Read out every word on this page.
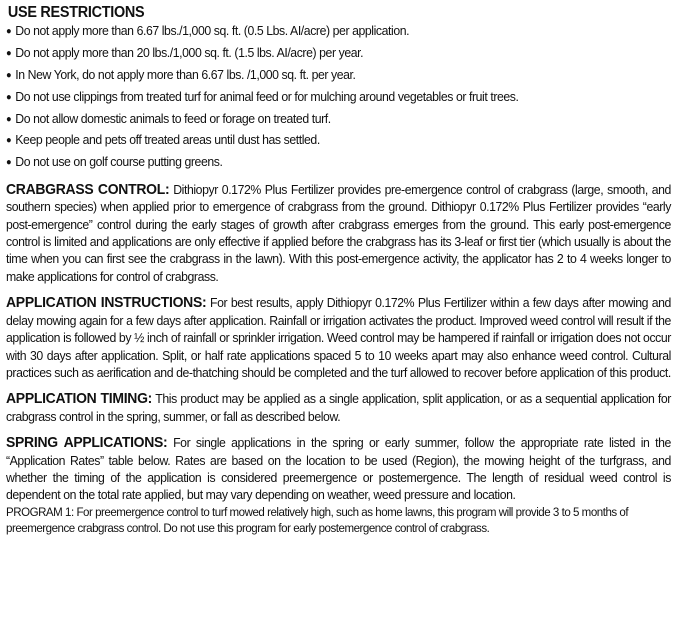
USE RESTRICTIONS
● Do not apply more than 6.67 lbs./1,000 sq. ft. (0.5 Lbs. AI/acre) per application.
● Do not apply more than 20 lbs./1,000 sq. ft. (1.5 lbs. AI/acre) per year.
● In New York, do not apply more than 6.67 lbs. /1,000 sq. ft. per year.
● Do not use clippings from treated turf for animal feed or for mulching around vegetables or fruit trees.
● Do not allow domestic animals to feed or forage on treated turf.
● Keep people and pets off treated areas until dust has settled.
● Do not use on golf course putting greens.

CRABGRASS CONTROL: Dithiopyr 0.172% Plus Fertilizer provides pre-emergence control of crabgrass (large, smooth, and southern species) when applied prior to emergence of crabgrass from the ground. Dithiopyr 0.172% Plus Fertilizer provides “early post-emergence” control during the early stages of growth after crabgrass emerges from the ground. This early post-emergence control is limited and applications are only effective if applied before the crabgrass has its 3-leaf or first tier (which usually is about the time when you can first see the crabgrass in the lawn). With this post-emergence activity, the applicator has 2 to 4 weeks longer to make applications for control of crabgrass.

APPLICATION INSTRUCTIONS: For best results, apply Dithiopyr 0.172% Plus Fertilizer within a few days after mowing and delay mowing again for a few days after application. Rainfall or irrigation activates the product. Improved weed control will result if the application is followed by ½ inch of rainfall or sprinkler irrigation. Weed control may be hampered if rainfall or irrigation does not occur with 30 days after application. Split, or half rate applications spaced 5 to 10 weeks apart may also enhance weed control. Cultural practices such as aerification and de-thatching should be completed and the turf allowed to recover before application of this product.

APPLICATION TIMING: This product may be applied as a single application, split application, or as a sequential application for crabgrass control in the spring, summer, or fall as described below.

SPRING APPLICATIONS: For single applications in the spring or early summer, follow the appropriate rate listed in the “Application Rates” table below. Rates are based on the location to be used (Region), the mowing height of the turfgrass, and whether the timing of the application is considered preemergence or postemergence. The length of residual weed control is dependent on the total rate applied, but may vary depending on weather, weed pressure and location.

PROGRAM 1: For preemergence control to turf mowed relatively high, such as home lawns, this program will provide 3 to 5 months of preemergence crabgrass control. Do not use this program for early postemergence control of crabgrass.
